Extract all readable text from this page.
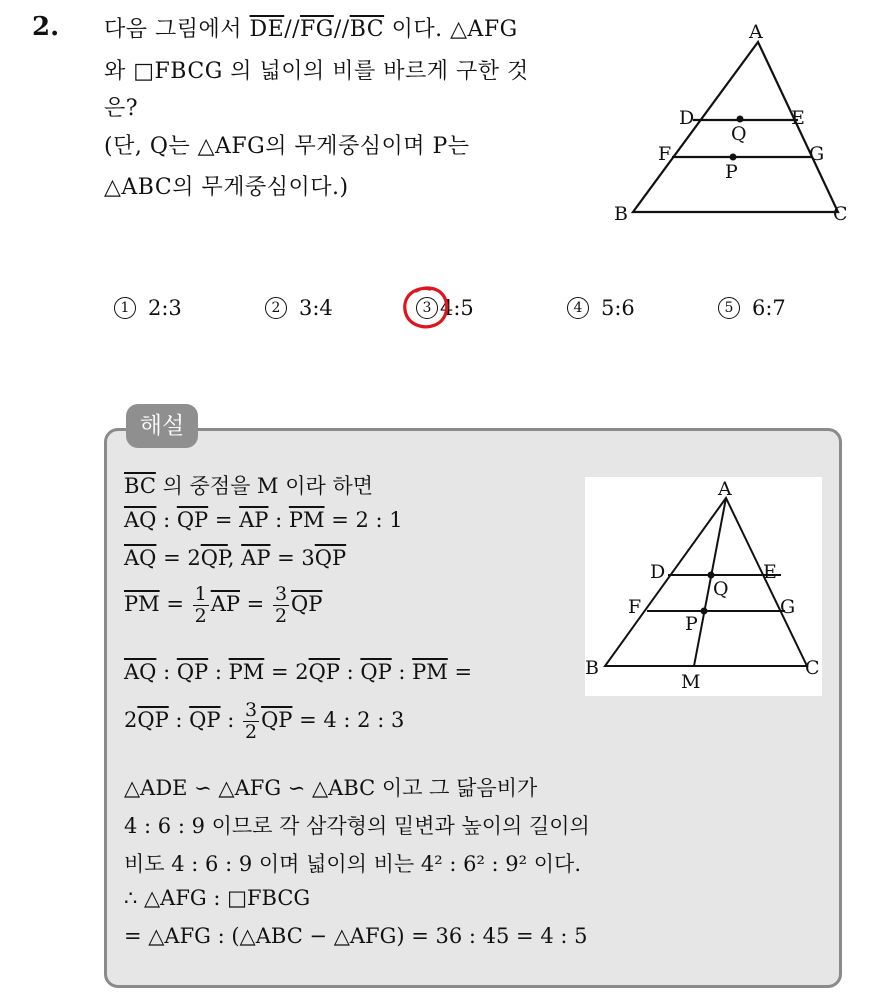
2. 다음 그림에서 $\overline{DE}//\overline{FG}//\overline{BC}$ 이다. △AFG
와 □FBCG 의 넓이의 비를 바르게 구한 것
은?
(단, Q는 △AFG의 무게중심이며 P는
△ABC의 무게중심이다.)
A
D	E
Q
F	G
P
B	C
1 2:3	2 3:4	3 4:5	4 5:6	5 6:7
해설
A
D	E
Q
F	G
P
B	C
M
$\overline{BC}$ 의 중점을 M 이라 하면
$\overline{AQ}$ : $\overline{QP} = \overline{AP}$ : $\overline{PM} = 2$ : 1
$\overline{AQ} = 2\overline{QP}$, $\overline{AP} = 3\overline{QP}$
$\overline{PM} = \frac{1}{2} \overline{AP} = \frac{3}{2} \overline{QP}$
$\overline{AQ}$ : $\overline{QP}$ : $\overline{PM} = 2\overline{QP}$ : $\overline{QP}$ : $\overline{PM}$ =
$2\overline{QP}$ : $\overline{QP}$ : $\frac{3}{2} \overline{QP} = 4$ : 2 : 3
△ADE ∽ △AFG ∽ △ABC 이고 그 닮음비가
4 : 6 : 9 이므로 각 삼각형의 밑변과 높이의 길이의
비도 4 : 6 : 9 이며 넓이의 비는 4² : 6² : 9² 이다.
∴ △AFG : □FBCG
= △AFG : (△ABC − △AFG) = 36 : 45 = 4 : 5
